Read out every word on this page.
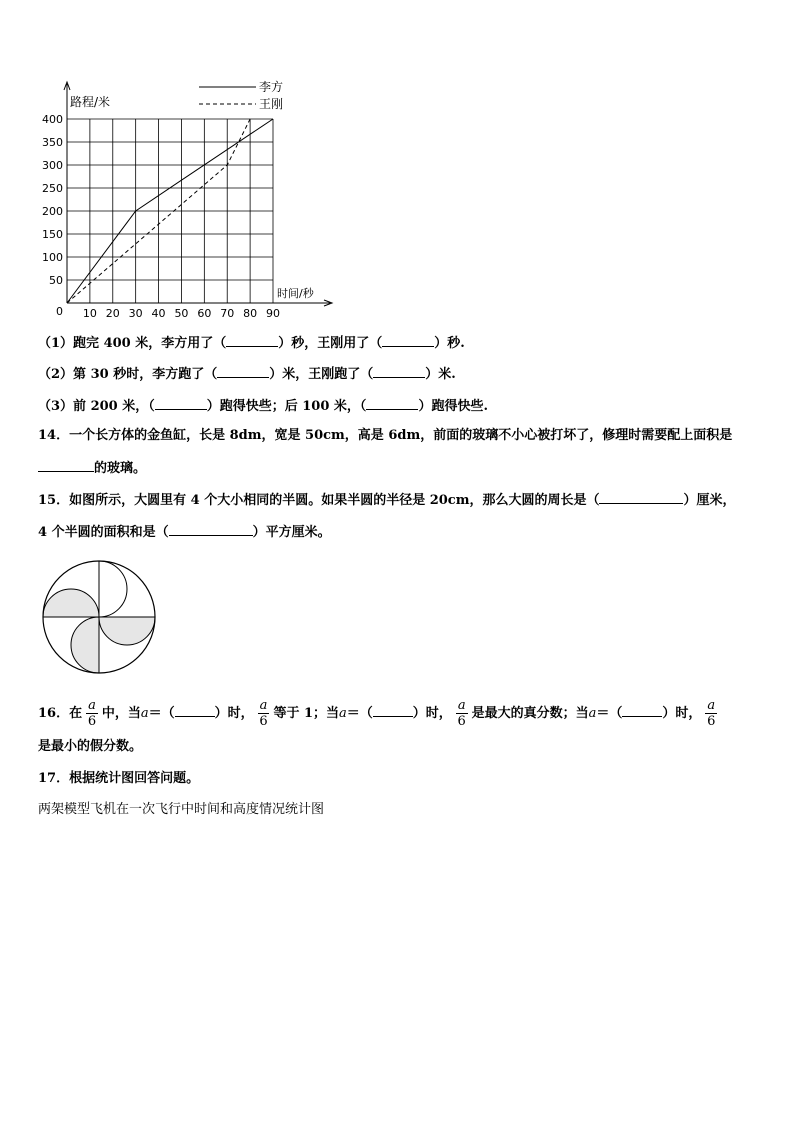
10 20 30 40 50 60 70 80 90
50
100
150
200
250
300
350
400
李方
王刚
路程/米
时间/秒
0
（1）跑完 400 米，李方用了（	）秒，王刚用了（	）秒.
（2）第 30 秒时，李方跑了（	）米，王刚跑了（	）米.
（3）前 200 米，（	）跑得快些；后 100 米，（	）跑得快些.
14．一个长方体的金鱼缸，长是 8dm，宽是 50cm，高是 6dm，前面的玻璃不小心被打坏了，修理时需要配上面积是
的玻璃。
15．如图所示，大圆里有 4 个大小相同的半圆。如果半圆的半径是 20cm，那么大圆的周长是（	）厘米，
4 个半圆的面积和是（	）平方厘米。
16．在 $\frac{a}{6}$ 中，当a＝（	）时， $\frac{a}{6}$ 等于 1；当a＝（	）时， $\frac{a}{6}$ 是最大的真分数；当a＝（	）时， $\frac{a}{6}$
是最小的假分数。
17．根据统计图回答问题。
两架模型飞机在一次飞行中时间和高度情况统计图
